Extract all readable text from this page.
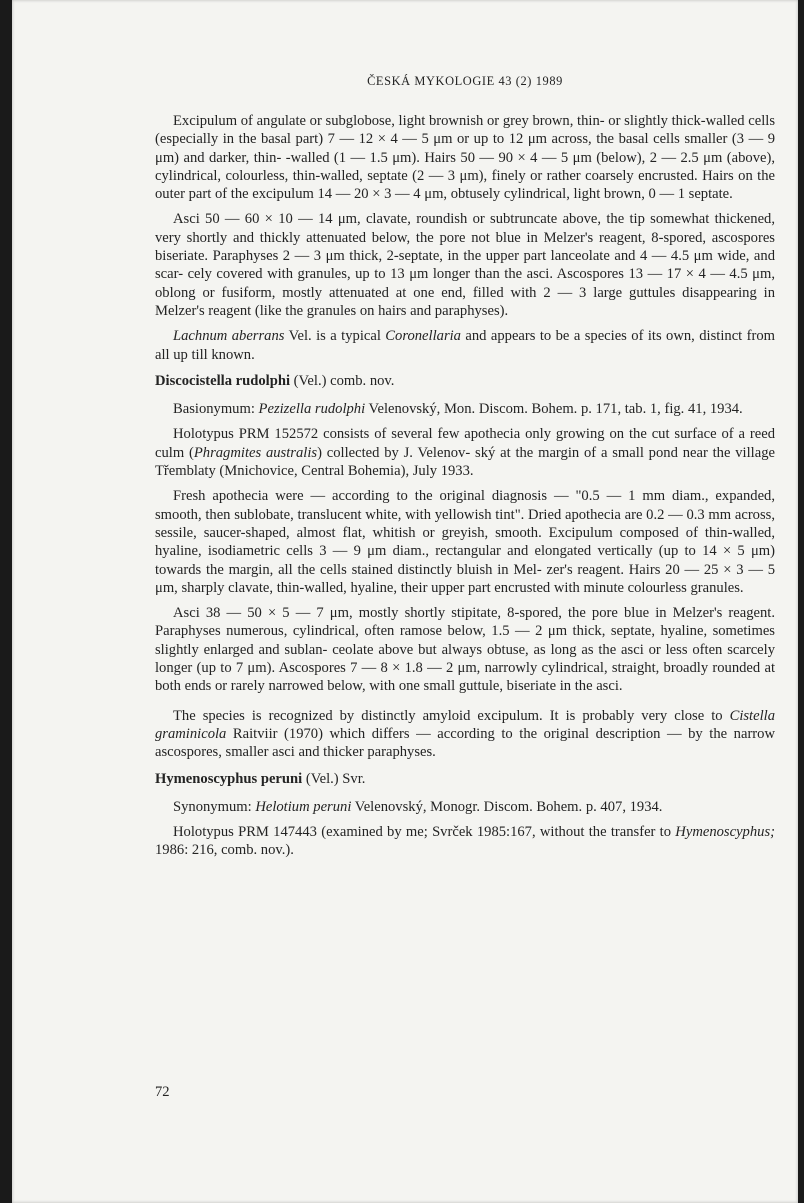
ČESKÁ MYKOLOGIE 43 (2) 1989

Excipulum of angulate or subglobose, light brownish or grey brown, thin- or slightly thick-walled cells (especially in the basal part) 7 — 12 × 4 — 5 μm or up to 12 μm across, the basal cells smaller (3 — 9 μm) and darker, thin- -walled (1 — 1.5 μm). Hairs 50 — 90 × 4 — 5 μm (below), 2 — 2.5 μm (above), cylindrical, colourless, thin-walled, septate (2 — 3 μm), finely or rather coarsely encrusted. Hairs on the outer part of the excipulum 14 — 20 × 3 — 4 μm, obtusely cylindrical, light brown, 0 — 1 septate.

Asci 50 — 60 × 10 — 14 μm, clavate, roundish or subtruncate above, the tip somewhat thickened, very shortly and thickly attenuated below, the pore not blue in Melzer's reagent, 8-spored, ascospores biseriate. Paraphyses 2 — 3 μm thick, 2-septate, in the upper part lanceolate and 4 — 4.5 μm wide, and scar- cely covered with granules, up to 13 μm longer than the asci. Ascospores 13 — 17 × 4 — 4.5 μm, oblong or fusiform, mostly attenuated at one end, filled with 2 — 3 large guttules disappearing in Melzer's reagent (like the granules on hairs and paraphyses).

Lachnum aberrans Vel. is a typical Coronellaria and appears to be a species of its own, distinct from all up till known.

Discocistella rudolphi (Vel.) comb. nov.

Basionymum: Pezizella rudolphi Velenovský, Mon. Discom. Bohem. p. 171, tab. 1, fig. 41, 1934.

Holotypus PRM 152572 consists of several few apothecia only growing on the cut surface of a reed culm (Phragmites australis) collected by J. Velenov- ský at the margin of a small pond near the village Třemblaty (Mnichovice, Central Bohemia), July 1933.

Fresh apothecia were — according to the original diagnosis — "0.5 — 1 mm diam., expanded, smooth, then sublobate, translucent white, with yellowish tint". Dried apothecia are 0.2 — 0.3 mm across, sessile, saucer-shaped, almost flat, whitish or greyish, smooth. Excipulum composed of thin-walled, hyaline, isodiametric cells 3 — 9 μm diam., rectangular and elongated vertically (up to 14 × 5 μm) towards the margin, all the cells stained distinctly bluish in Mel- zer's reagent. Hairs 20 — 25 × 3 — 5 μm, sharply clavate, thin-walled, hyaline, their upper part encrusted with minute colourless granules.

Asci 38 — 50 × 5 — 7 μm, mostly shortly stipitate, 8-spored, the pore blue in Melzer's reagent. Paraphyses numerous, cylindrical, often ramose below, 1.5 — 2 μm thick, septate, hyaline, sometimes slightly enlarged and sublan- ceolate above but always obtuse, as long as the asci or less often scarcely longer (up to 7 μm). Ascospores 7 — 8 × 1.8 — 2 μm, narrowly cylindrical, straight, broadly rounded at both ends or rarely narrowed below, with one small guttule, biseriate in the asci.

The species is recognized by distinctly amyloid excipulum. It is probably very close to Cistella graminicola Raitviir (1970) which differs — according to the original description — by the narrow ascospores, smaller asci and thicker paraphyses.

Hymenoscyphus peruni (Vel.) Svr.

Synonymum: Helotium peruni Velenovský, Monogr. Discom. Bohem. p. 407, 1934.

Holotypus PRM 147443 (examined by me; Svrček 1985:167, without the transfer to Hymenoscyphus; 1986: 216, comb. nov.).

72
